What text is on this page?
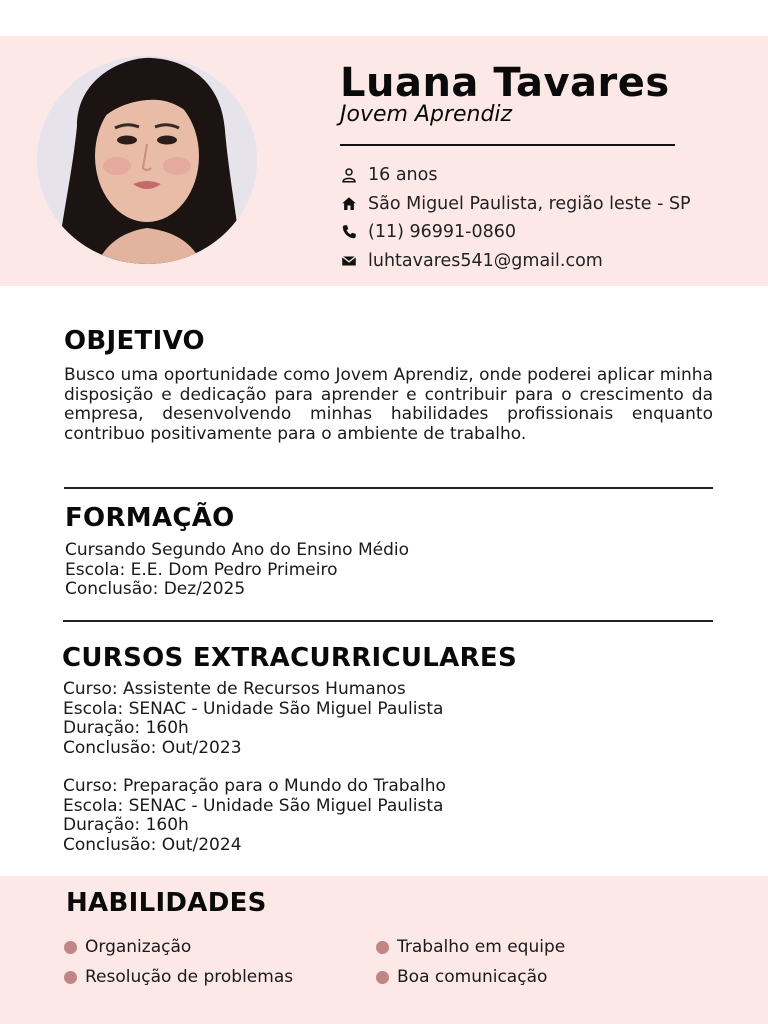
Luana Tavares
Jovem Aprendiz
16 anos
São Miguel Paulista, região leste - SP
(11) 96991-0860
luhtavares541@gmail.com
OBJETIVO
Busco uma oportunidade como Jovem Aprendiz, onde poderei aplicar minha disposição e dedicação para aprender e contribuir para o crescimento da empresa, desenvolvendo minhas habilidades profissionais enquanto contribuo positivamente para o ambiente de trabalho.
FORMAÇÃO
Cursando Segundo Ano do Ensino Médio
Escola: E.E. Dom Pedro Primeiro
Conclusão: Dez/2025
CURSOS EXTRACURRICULARES
Curso: Assistente de Recursos Humanos
Escola: SENAC - Unidade São Miguel Paulista
Duração: 160h
Conclusão: Out/2023
Curso: Preparação para o Mundo do Trabalho
Escola: SENAC - Unidade São Miguel Paulista
Duração: 160h
Conclusão: Out/2024
HABILIDADES
Organização	Trabalho em equipe
Resolução de problemas	Boa comunicação
